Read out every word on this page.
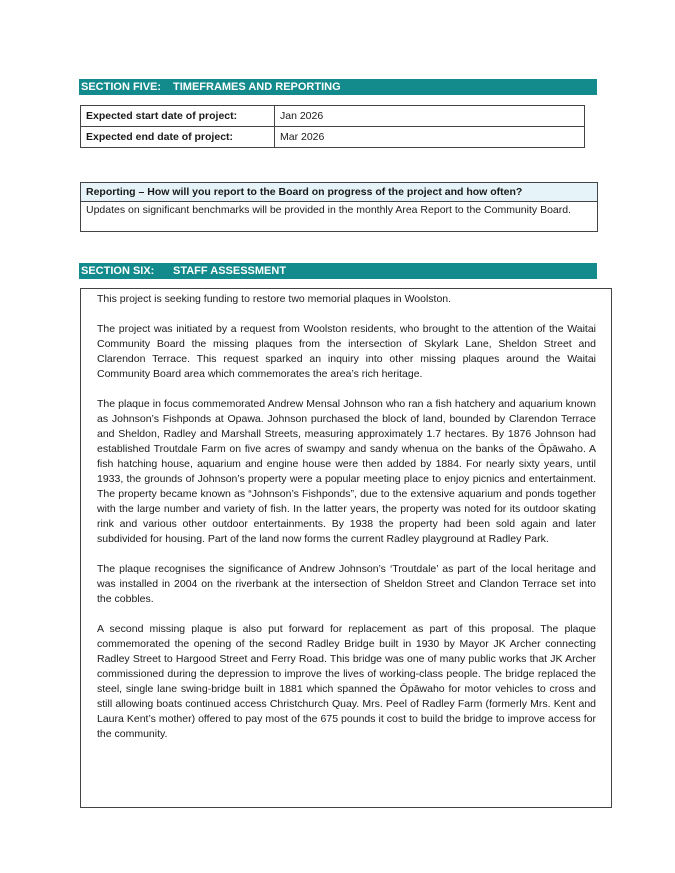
SECTION FIVE: TIMEFRAMES AND REPORTING
Expected start date of project:	Jan 2026
Expected end date of project:	Mar 2026
Reporting – How will you report to the Board on progress of the project and how often?
Updates on significant benchmarks will be provided in the monthly Area Report to the Community Board.
SECTION SIX: STAFF ASSESSMENT

This project is seeking funding to restore two memorial plaques in Woolston.

The project was initiated by a request from Woolston residents, who brought to the attention of the Waitai Community Board the missing plaques from the intersection of Skylark Lane, Sheldon Street and Clarendon Terrace. This request sparked an inquiry into other missing plaques around the Waitai Community Board area which commemorates the area’s rich heritage.

The plaque in focus commemorated Andrew Mensal Johnson who ran a fish hatchery and aquarium known as Johnson’s Fishponds at Opawa. Johnson purchased the block of land, bounded by Clarendon Terrace and Sheldon, Radley and Marshall Streets, measuring approximately 1.7 hectares. By 1876 Johnson had established Troutdale Farm on five acres of swampy and sandy whenua on the banks of the Ōpāwaho. A fish hatching house, aquarium and engine house were then added by 1884. For nearly sixty years, until 1933, the grounds of Johnson’s property were a popular meeting place to enjoy picnics and entertainment. The property became known as “Johnson’s Fishponds”, due to the extensive aquarium and ponds together with the large number and variety of fish. In the latter years, the property was noted for its outdoor skating rink and various other outdoor entertainments. By 1938 the property had been sold again and later subdivided for housing. Part of the land now forms the current Radley playground at Radley Park.

The plaque recognises the significance of Andrew Johnson’s ‘Troutdale’ as part of the local heritage and was installed in 2004 on the riverbank at the intersection of Sheldon Street and Clandon Terrace set into the cobbles.

A second missing plaque is also put forward for replacement as part of this proposal. The plaque commemorated the opening of the second Radley Bridge built in 1930 by Mayor JK Archer connecting Radley Street to Hargood Street and Ferry Road. This bridge was one of many public works that JK Archer commissioned during the depression to improve the lives of working-class people. The bridge replaced the steel, single lane swing-bridge built in 1881 which spanned the Ōpāwaho for motor vehicles to cross and still allowing boats continued access Christchurch Quay. Mrs. Peel of Radley Farm (formerly Mrs. Kent and Laura Kent’s mother) offered to pay most of the 675 pounds it cost to build the bridge to improve access for the community.
